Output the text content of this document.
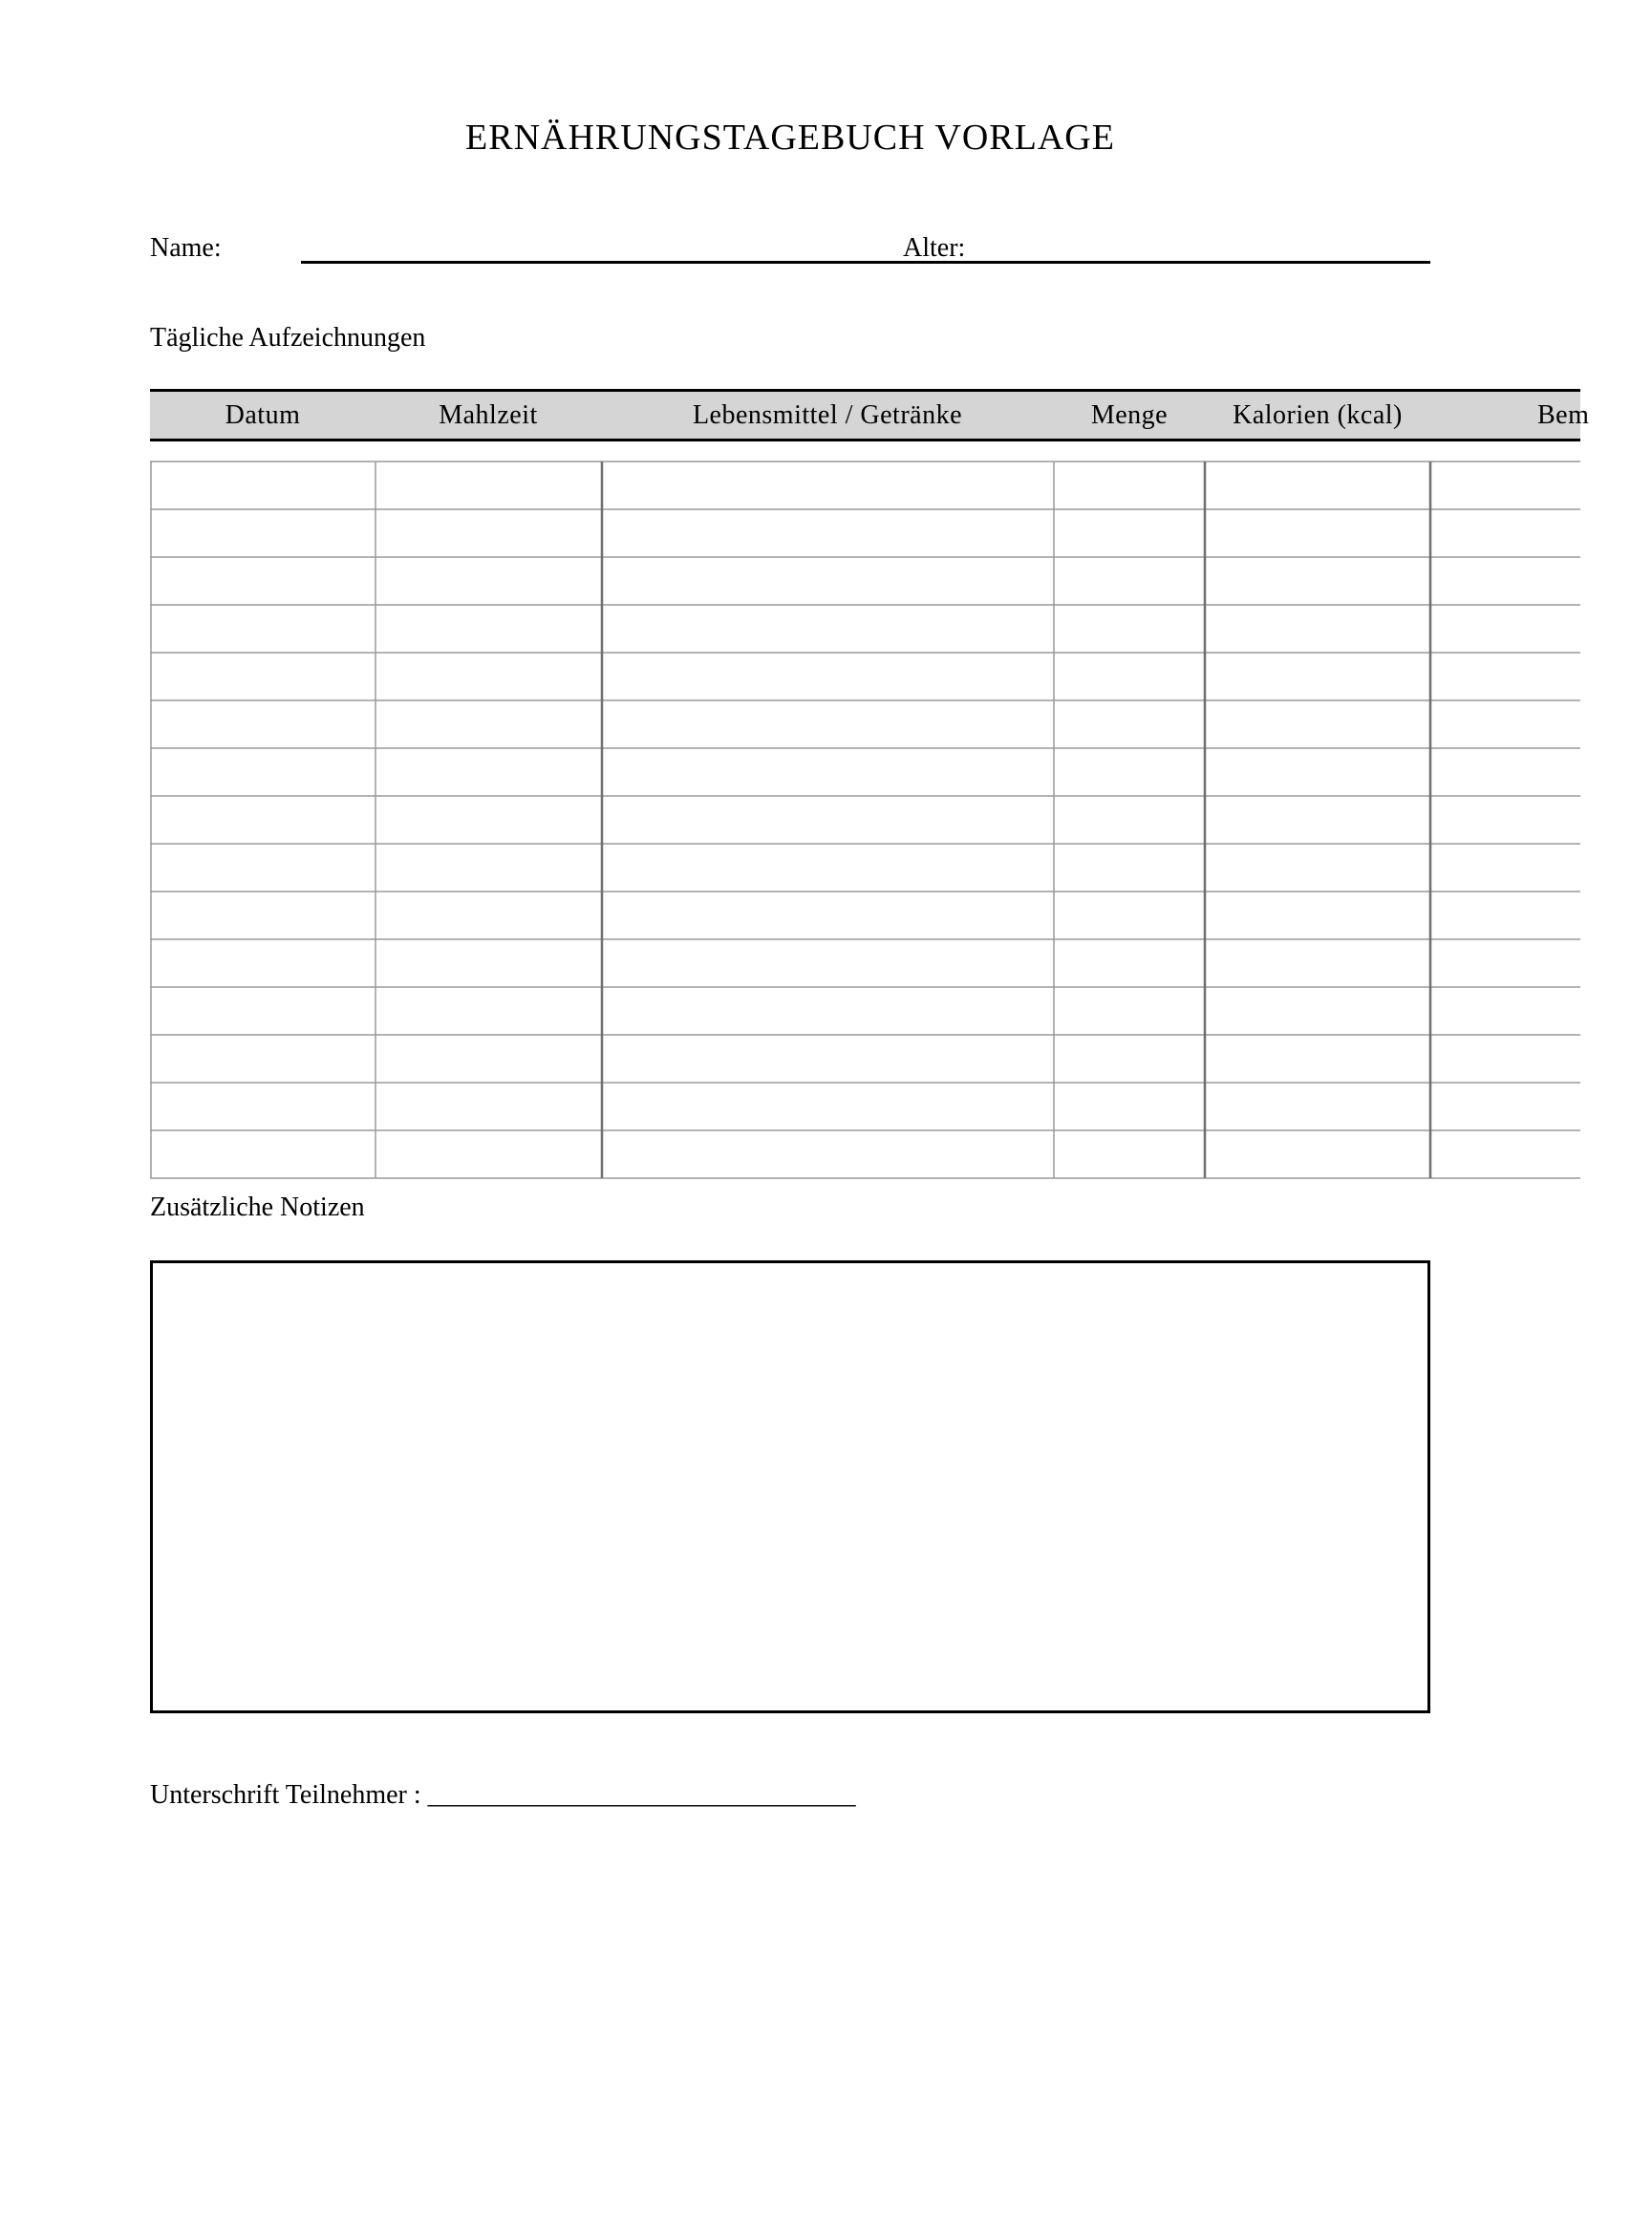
ERNÄHRUNGSTAGEBUCH VORLAGE
Name:	Alter:
Tägliche Aufzeichnungen
Datum	Mahlzeit	Lebensmittel / Getränke	Menge	Kalorien (kcal)	Bem
Zusätzliche Notizen
Unterschrift Teilnehmer : ________________________________
